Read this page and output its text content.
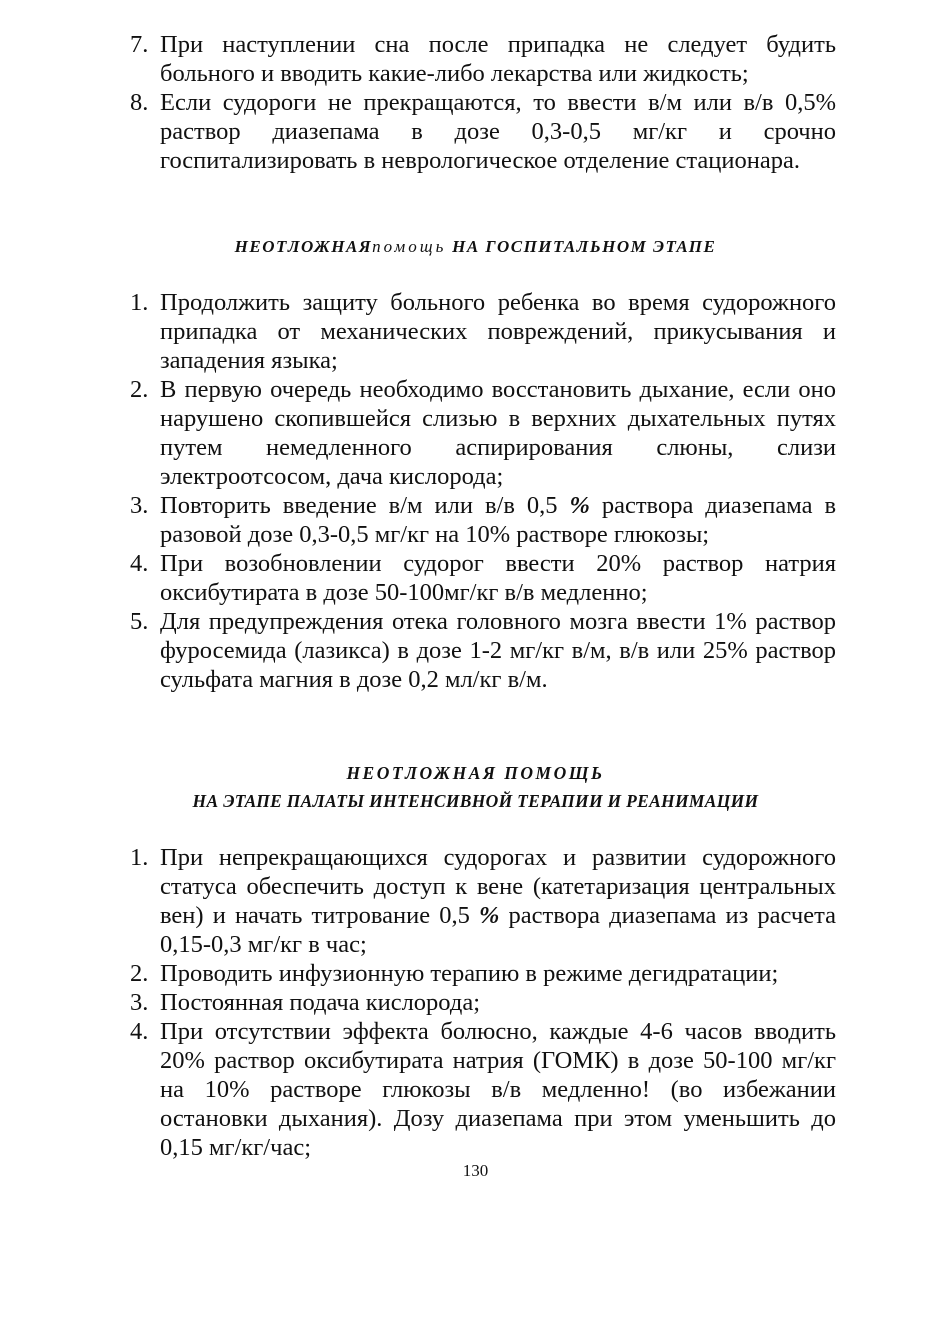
7. При наступлении сна после припадка не следует будить больного и вводить какие-либо лекарства или жидкость;
8. Если судороги не прекращаются, то ввести в/м или в/в 0,5% раствор диазепама в дозе 0,3-0,5 мг/кг и срочно госпитализировать в неврологическое отделение стационара.
НЕОТЛОЖНАЯпомощь НА ГОСПИТАЛЬНОМ ЭТАПЕ
1. Продолжить защиту больного ребенка во время судорожного припадка от механических повреждений, прикусывания и западения языка;
2. В первую очередь необходимо восстановить дыхание, если оно нарушено скопившейся слизью в верхних дыхательных путях путем немедленного аспирирования слюны, слизи электроотсосом, дача кислорода;
3. Повторить введение в/м или в/в 0,5 % раствора диазепама в разовой дозе 0,3-0,5 мг/кг на 10% растворе глюкозы;
4. При возобновлении судорог ввести 20% раствор натрия оксибутирата в дозе 50-100мг/кг в/в медленно;
5. Для предупреждения отека головного мозга ввести 1% раствор фуросемида (лазикса) в дозе 1-2 мг/кг в/м, в/в или 25% раствор сульфата магния в дозе 0,2 мл/кг в/м.
НЕОТЛОЖНАЯ ПОМОЩЬ
НА ЭТАПЕ ПАЛАТЫ ИНТЕНСИВНОЙ ТЕРАПИИ И РЕАНИМАЦИИ
1. При непрекращающихся судорогах и развитии судорожного статуса обеспечить доступ к вене (катетаризация центральных вен) и начать титрование 0,5 % раствора диазепама из расчета 0,15-0,3 мг/кг в час;
2. Проводить инфузионную терапию в режиме дегидратации;
3. Постоянная подача кислорода;
4. При отсутствии эффекта болюсно, каждые 4-6 часов вводить 20% раствор оксибутирата натрия (ГОМК) в дозе 50-100 мг/кг на 10% растворе глюкозы в/в медленно! (во избежании остановки дыхания). Дозу диазепама при этом уменьшить до 0,15 мг/кг/час;
130
